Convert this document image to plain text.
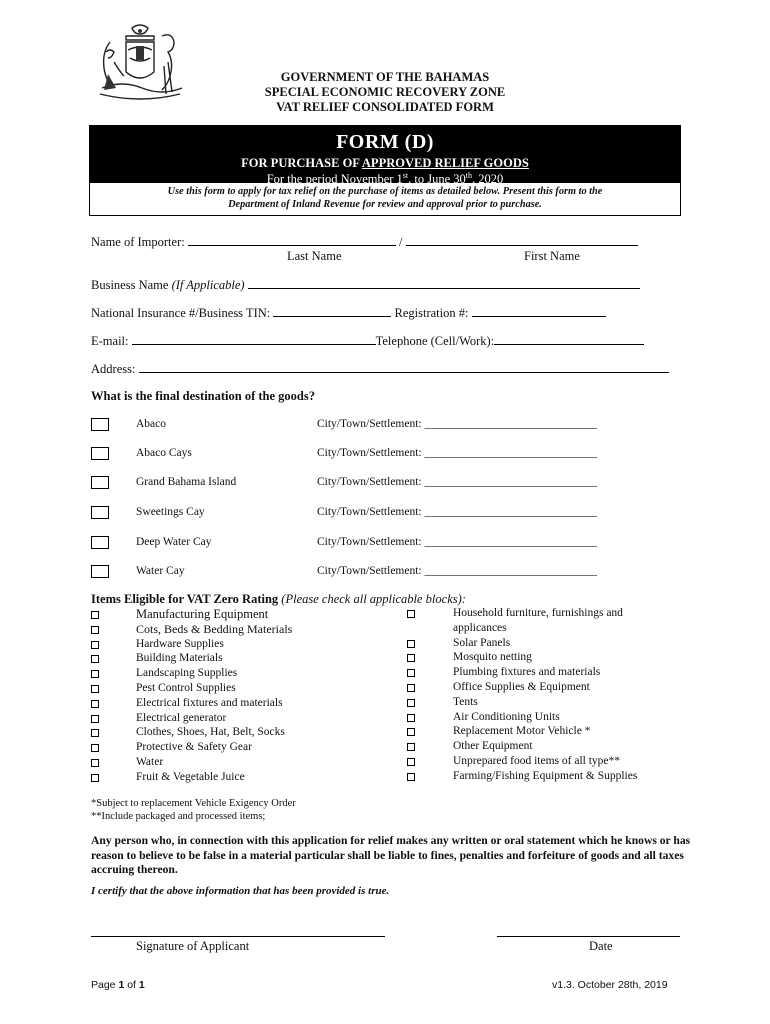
GOVERNMENT OF THE BAHAMAS
SPECIAL ECONOMIC RECOVERY ZONE
VAT RELIEF CONSOLIDATED FORM
FORM (D)
FOR PURCHASE OF APPROVED RELIEF GOODS
For the period November 1st, to June 30th, 2020
Use this form to apply for tax relief on the purchase of items as detailed below. Present this form to the
Department of Inland Revenue for review and approval prior to purchase.
Name of Importer:	/
Last Name	First Name
Business Name (If Applicable)
National Insurance #/Business TIN:	Registration #:
E-mail:	Telephone (Cell/Work):
Address:
What is the final destination of the goods?
Abaco	City/Town/Settlement: ______________________________
Abaco Cays	City/Town/Settlement: ______________________________
Grand Bahama Island	City/Town/Settlement: ______________________________
Sweetings Cay	City/Town/Settlement: ______________________________
Deep Water Cay	City/Town/Settlement: ______________________________
Water Cay	City/Town/Settlement: ______________________________
Items Eligible for VAT Zero Rating (Please check all applicable blocks):
Manufacturing Equipment
Cots, Beds & Bedding Materials
Hardware Supplies
Building Materials
Landscaping Supplies
Pest Control Supplies
Electrical fixtures and materials
Electrical generator
Clothes, Shoes, Hat, Belt, Socks
Protective & Safety Gear
Water
Fruit & Vegetable Juice
Household furniture, furnishings and
applicances
Solar Panels
Mosquito netting
Plumbing fixtures and materials
Office Supplies & Equipment
Tents
Air Conditioning Units
Replacement Motor Vehicle *
Other Equipment
Unprepared food items of all type**
Farming/Fishing Equipment & Supplies
*Subject to replacement Vehicle Exigency Order
**Include packaged and processed items;
Any person who, in connection with this application for relief makes any written or oral statement which he knows or has reason to believe to be false in a material particular shall be liable to fines, penalties and forfeiture of goods and all taxes accruing thereon.
I certify that the above information that has been provided is true.
Signature of Applicant	Date
Page 1 of 1	v1.3. October 28th, 2019
